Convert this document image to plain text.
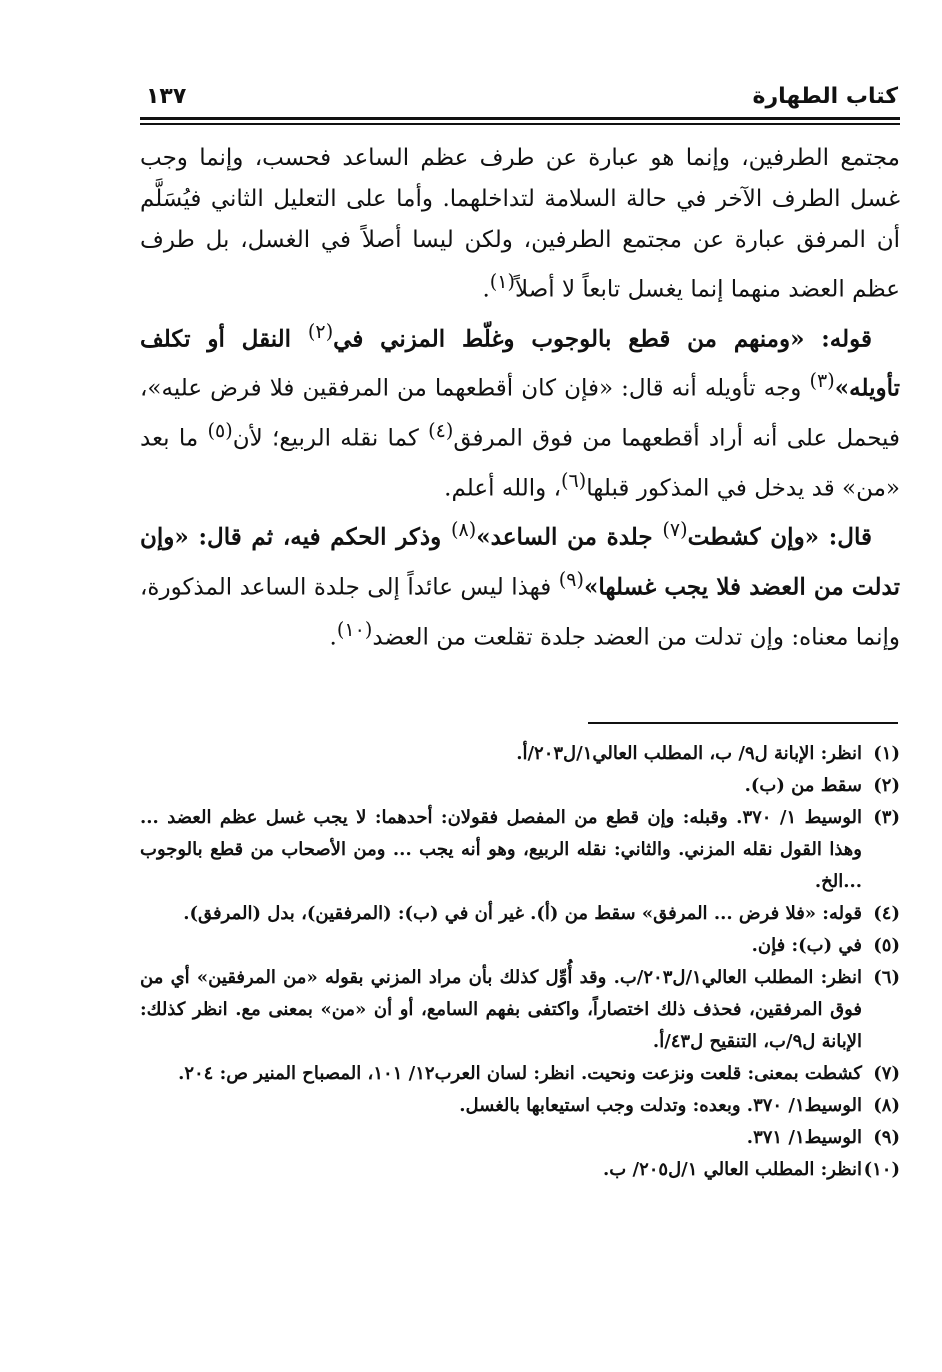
كتاب الطهارة
١٣٧

مجتمع الطرفين، وإنما هو عبارة عن طرف عظم الساعد فحسب، وإنما وجب غسل الطرف الآخر في حالة السلامة لتداخلهما. وأما على التعليل الثاني فيُسَلَّم أن المرفق عبارة عن مجتمع الطرفين، ولكن ليسا أصلاً في الغسل، بل طرف عظم العضد منهما إنما يغسل تابعاً لا أصلاً$^{(١)}$.

قوله: «ومنهم من قطع بالوجوب وغلّط المزني في$^{(٢)}$ النقل أو تكلف تأويله»$^{(٣)}$ وجه تأويله أنه قال: «فإن كان أقطعهما من المرفقين فلا فرض عليه»، فيحمل على أنه أراد أقطعهما من فوق المرفق$^{(٤)}$ كما نقله الربيع؛ لأن$^{(٥)}$ ما بعد «من» قد يدخل في المذكور قبلها$^{(٦)}$، والله أعلم.

قال: «وإن كشطت$^{(٧)}$ جلدة من الساعد»$^{(٨)}$ وذكر الحكم فيه، ثم قال: «وإن تدلت من العضد فلا يجب غسلها»$^{(٩)}$ فهذا ليس عائداً إلى جلدة الساعد المذكورة، وإنما معناه: وإن تدلت من العضد جلدة تقلعت من العضد$^{(١٠)}$.

(١)
انظر: الإبانة ل٩/ ب، المطلب العالي١/ل٢٠٣/أ.
(٢)
سقط من (ب).
(٣)
الوسيط ١/ ٣٧٠. وقبله: وإن قطع من المفصل فقولان: أحدهما: لا يجب غسل عظم العضد ... وهذا القول نقله المزني. والثاني: نقله الربيع، وهو أنه يجب ... ومن الأصحاب من قطع بالوجوب ...الخ.
(٤)
قوله: «فلا فرض ... المرفق» سقط من (أ). غير أن في (ب): (المرفقين)، بدل (المرفق).
(٥)
في (ب): فإن.
(٦)
انظر: المطلب العالي١/ل٢٠٣/ب. وقد أُوِّل كذلك بأن مراد المزني بقوله «من المرفقين» أي من فوق المرفقين، فحذف ذلك اختصاراً، واكتفى بفهم السامع، أو أن «من» بمعنى مع. انظر كذلك: الإبانة ل٩/ب، التنقيح ل٤٣/أ.
(٧)
كشطت بمعنى: قلعت ونزعت ونحيت. انظر: لسان العرب١٢/ ١٠١، المصباح المنير ص: ٢٠٤.
(٨)
الوسيط١/ ٣٧٠. وبعده: وتدلت وجب استيعابها بالغسل.
(٩)
الوسيط١/ ٣٧١.
(١٠)
انظر: المطلب العالي ١/ل٢٠٥/ ب.
